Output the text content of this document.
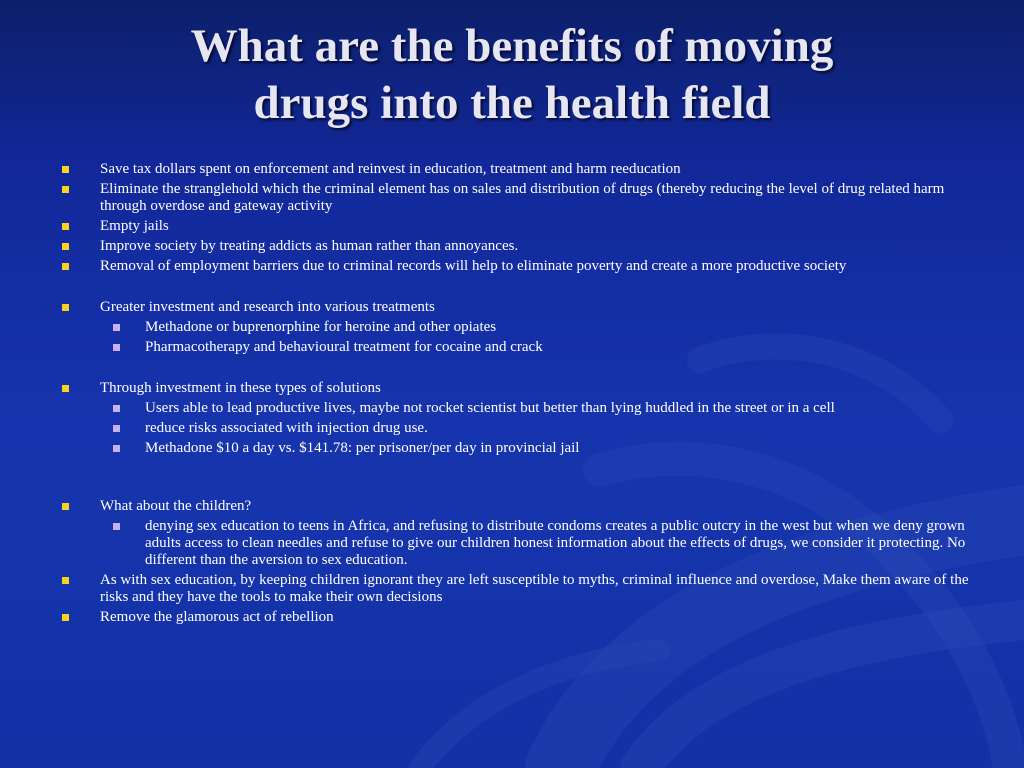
What are the benefits of moving
drugs into the health field
Save tax dollars spent on enforcement and reinvest in education, treatment and harm reeducation
Eliminate the stranglehold which the criminal element has on sales and distribution of drugs (thereby reducing the level of drug related harm through overdose and gateway activity
Empty jails
Improve society by treating addicts as human rather than annoyances.
Removal of employment barriers due to criminal records will help to eliminate poverty and create a more productive society
Greater investment and research into various treatments
Methadone or buprenorphine for heroine and other opiates
Pharmacotherapy and behavioural treatment for cocaine and crack
Through investment in these types of solutions
Users able to lead productive lives, maybe not rocket scientist but better than lying huddled in the street or in a cell
reduce risks associated with injection drug use.
Methadone $10 a day vs. $141.78: per prisoner/per day in provincial jail
What about the children?
denying sex education to teens in Africa, and refusing to distribute condoms creates a public outcry in the west but when we deny grown adults access to clean needles and refuse to give our children honest information about the effects of drugs, we consider it protecting. No different than the aversion to sex education.
As with sex education, by keeping children ignorant they are left susceptible to myths, criminal influence and overdose, Make them aware of the risks and they have the tools to make their own decisions
Remove the glamorous act of rebellion
